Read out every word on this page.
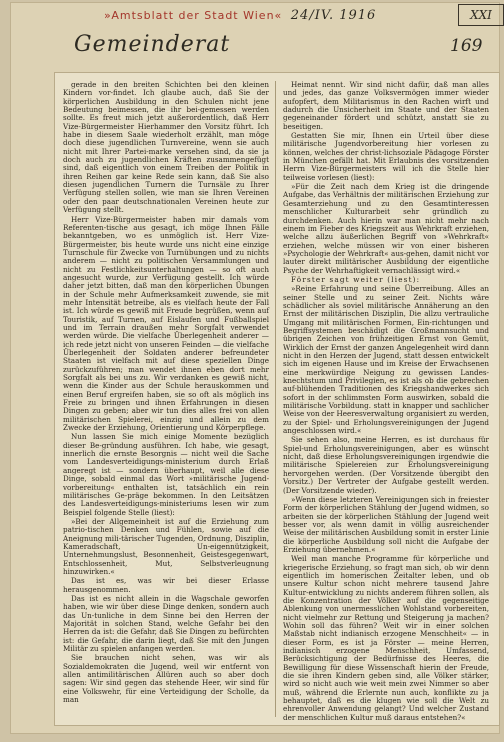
»Amtsblatt der Stadt Wien« 24/IV. 1916	XXI
Gemeinderat	169

gerade in den breiten Schichten bei den kleinen Kindern vor-findet. Ich glaube auch, daß Sie der körperlichen Ausbildung in den Schulen nicht jene Bedeutung beimessen, die ihr bei-gemessen werden sollte. Es freut mich jetzt außerordentlich, daß Herr Vize-Bürgermeister Hierhammer den Vorsitz führt. Ich habe in diesem Saale wiederholt erzählt, man möge doch diese jugendlichen Turnvereine, wenn sie auch nicht mit Ihrer Partei-marke versehen sind, da sie ja doch auch zu jugendlichen Kräften zusammengefügt sind, daß eigentlich von einem Treiben der Politik in ihren Reihen gar keine Rede sein kann, daß Sie also diesen jugendlichen Turnern die Turnsäle zu Ihrer Verfügung stellen sollen, wie man sie Ihren Vereinen oder den paar deutschnationalen Vereinen heute zur Verfügung stellt.

Herr Vize-Bürgermeister haben mir damals vom Referenten-tische aus gesagt, ich möge Ihnen Fälle bekanntgeben, wo es unmöglich ist. Herr Vize-Bürgermeister, bis heute wurde uns nicht eine einzige Turnschule für Zwecke von Turnübungen und zu nichts anderem — nicht zu politischen Versammlungen und nicht zu Festlichkeitsunterhaltungen — so oft auch angesucht wurde, zur Verfügung gestellt. Ich würde daher jetzt bitten, daß man den körperlichen Übungen in der Schule mehr Aufmerksamkeit zuwende, sie mit mehr Intensität betreibe, als es vielfach heute der Fall ist. Ich würde es gewiß mit Freude begrüßen, wenn auf Touristik, auf Turnen, auf Eislaufen und Fußballspiel und im Terrain draußen mehr Sorgfalt verwendet werden würde. Die vielfache Überlegenheit anderer — ich rede jetzt nicht von unseren Feinden — die vielfache Überlegenheit der Soldaten anderer befreundeter Staaten ist vielfach mit auf diese speziellen Dinge zurückzuführen; man wendet ihnen eben dort mehr Sorgfalt als bei uns zu. Wir verdanken es gewiß nicht, wenn die Kinder aus der Schule herauskommen und einen Beruf ergreifen haben, sie so oft als möglich ins Freie zu bringen und ihnen Erfahrungen in diesen Dingen zu geben; aber wir tun dies alles frei von allen militärischen Spielerei, einzig und allein zu dem Zwecke der Erziehung, Orientierung und Körperpflege.

Nun lassen Sie mich einige Momente bezüglich dieser Be-gründung ausführen. Ich habe, wie gesagt, innerlich die ernste Besorgnis — nicht weil die Sache vom Landesverteidigungs-ministerium durch Erlaß angeregt ist — sondern überhaupt, weil alle diese Dinge, sobald einmal das Wort »militärische Jugend-vorbereitung« enthalten ist, tatsächlich ein rein militärisches Ge-präge bekommen. In den Leitsätzen des Landesverteidigungs-ministeriums lesen wir zum Beispiel folgende Stelle (liest):

»Bei der Allgemeinheit ist auf die Erziehung zum patrio-tischen Denken und Fühlen, sowie auf die Aneignung mili-tärischer Tugenden, Ordnung, Disziplin, Kameradschaft, Un-eigennützigkeit, Unternehmungslust, Besonnenheit, Geistesgegenwart, Entschlossenheit, Mut, Selbstverleugnung hinzuwirken.«

Das ist es, was wir bei dieser Erlasse herausgenommen.

Das ist es nicht allein in die Wagschale geworfen haben, wie wir über diese Dinge denken, sondern auch das Un-tunliche in dem Sinne bei den Herren der Majorität in solchen Stand, welche Gefahr bei den Herren da ist: die Gefahr, daß Sie Dingen zu befürchten ist: die Gefahr, die darin liegt, daß Sie mit den Jungen Militär zu spielen anfangen werden.

Sie brauchen nicht sehen, was wir als Sozialdemokraten die Jugend, weil wir entfernt von allen antimilitärischen Allüren auch so aber doch sagen: Wir sind gegen das stehende Heer, wir sind für eine Volkswehr, für eine Verteidigung der Scholle, da man

Heimat nennt. Wir sind nicht dafür, daß man alles und jedes, das ganze Volksvermögen immer wieder aufopfert, dem Militarismus in den Rachen wirft und dadurch die Unsicherheit im Staate und der Staaten gegeneinander fördert und schützt, anstatt sie zu beseitigen.

Gestatten Sie mir, Ihnen ein Urteil über diese militärische Jugendvorbereitung hier vorlesen zu können, welches der christ-lichsoziale Pädagoge Förster in München gefällt hat. Mit Erlaubnis des vorsitzenden Herrn Vize-Bürgermeisters will ich die Stelle hier teilweise vorlesen (liest):

»Für die Zeit nach dem Krieg ist die dringende Aufgabe, das Verhältnis der militärischen Erziehung zur Gesamterziehung und zu den Gesamtinteressen menschlicher Kulturarbeit sehr gründlich zu durchdenken. Auch hierin war man nicht mehr nach einem im Fieber des Kriegszeit aus Wehrkraft erziehen, welche allzu äußerlichen Begriff von »Wehrkraft« erziehen, welche müssen wir von einer bisheren »Psychologie der Wehrkraft« aus-gehen, damit nicht vor lauter direkt militärischer Ausbildung der eigentliche Psyche der Wehrhaftigkeit vernachlässigt wird.«

Förster sagt weiter (liest):

»Reine Erfahrung und seine Überreibung. Alles an seiner Stelle und zu seiner Zeit. Nichts wäre schädlicher als soviel militärische Annäherung an den Ernst der militärischen Disziplin, Die allzu vertrauliche Umgang mit militärischen Formen, Ein-richtungen und Begriffsystemen beschädigt die Großmannsucht und übrigen Zeichen von frühzeitigen Ernst von Gemüt, Wirklich der Ernst der ganzen Angelegenheit wird dann nicht in den Herzen der Jugend, statt dessen entwickelt sich im eigenen Hause und im Kreise der Erwachsenen eine merkwürdige Neigung zu gewissen Landes-knechtstum und Privilegien, es ist als ob die gebrechen auf-blühenden Traditionen des Kriegshandwerkes sich sofort in der schlimmsten Form auswirken, sobald die militärische Vorbildung. statt in knapper und sachlicher Weise von der Heeresverwaltung organisiert zu werden, zu der Spiel- und Erholungsvereinigungen der Jugend angeschlossen wird.«

Sie sehen also, meine Herren, es ist durchaus für Spiel-und Erholungsvereinigungen, aber es wünscht nicht, daß diese Erholungsvereinigungen irgendwie die militärische Spielereien zur Erholungsvereinigung hervorgehen werden. (Der Vorsitzende übergibt den Vorsitz.) Der Vertreter der Aufgabe gestellt werden. (Der Vorsitzende wieder).

»Wenn diese letzteren Vereinigungen sich in freiester Form der körperlichen Stählung der Jugend widmen, so arbeiten sie der körperlichen Stählung der Jugend weit besser vor, als wenn damit in völlig ausreichender Weise der militärischen Ausbildung somit in erster Linie die körperliche Ausbildung soll nicht die Aufgabe der Erziehung übernehmen.«

Weil man manche Programme für körperliche und kriegerische Erziehung, so fragt man sich, ob wir denn eigentlich im homerischen Zeitalter leben, und ob unsere Kultur schon nicht mehrere tausend Jahre Kultur-entwicklung zu nichts anderem führen sollen, als die Konzentration der Völker auf die gegenseitige Ablenkung von unermesslichen Wohlstand vorbereiten, nicht vielmehr zur Rettung und Steigerung ja machen? Wohin soll das führen? Weit wir in einer solchen Maßstab nicht indianisch erzogene Menschheit« — in dieser Form, es ist ja Förster — meine Herren, indianisch erzogene Menschheit, Umfassend, Berücksichtigung der Bedürfnisse des Heeres, die Bewilligung für diese Wissenschaft hierin der Freude, die sie ihren Kindern geben sind, alle Völker stärker, wird so nicht auch wie weit mein zwei Nimmer so aber muß, während die Erlernte nun auch, konflikte zu ja behauptet, daß es die klugen wie soll die Welt zu ehrenvoller Anwendung gelangt? Und welcher Zustand der menschlichen Kultur muß daraus entstehen?«
